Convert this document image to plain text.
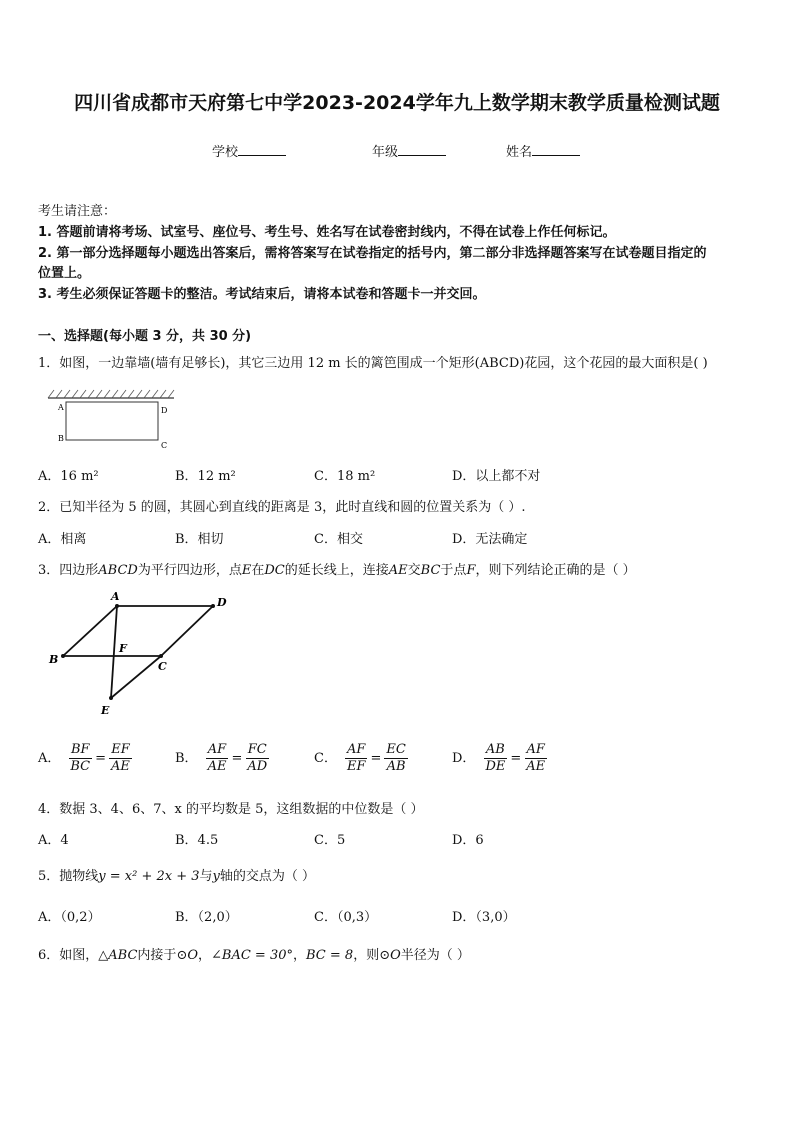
四川省成都市天府第七中学2023-2024学年九上数学期末教学质量检测试题
学校	年级	姓名
考生请注意：
1. 答题前请将考场、试室号、座位号、考生号、姓名写在试卷密封线内，不得在试卷上作任何标记。
2. 第一部分选择题每小题选出答案后，需将答案写在试卷指定的括号内，第二部分非选择题答案写在试卷题目指定的
位置上。
3. 考生必须保证答题卡的整洁。考试结束后，请将本试卷和答题卡一并交回。
一、选择题(每小题 3 分，共 30 分)
1．如图，一边靠墙(墙有足够长)，其它三边用 12 m 长的篱笆围成一个矩形(ABCD)花园，这个花园的最大面积是( )
A
B
C
D
A．16 m²	B．12 m²	C．18 m²	D．以上都不对
2．已知半径为 5 的圆，其圆心到直线的距离是 3，此时直线和圆的位置关系为（ ）.
A．相离	B．相切	C．相交	D．无法确定
3．四边形ABCD为平行四边形，点E在DC的延长线上，连接AE交BC于点F，则下列结论正确的是（ ）
A	D
B
F
C
E
A． $\frac{BF}{BC} = \frac{EF}{AE}$	B． $\frac{AF}{AE} = \frac{FC}{AD}$	C． $\frac{AF}{EF} = \frac{EC}{AB}$	D． $\frac{AB}{DE} = \frac{AF}{AE}$
4．数据 3、4、6、7、x 的平均数是 5，这组数据的中位数是（ ）
A．4	B．4.5	C．5	D．6
5．抛物线y = x² + 2x + 3与y轴的交点为（ ）
A．（0,2）	B．（2,0）	C．（0,3）	D．（3,0）
6．如图，△ABC内接于⊙O，∠BAC = 30°，BC = 8，则⊙O半径为（ ）
